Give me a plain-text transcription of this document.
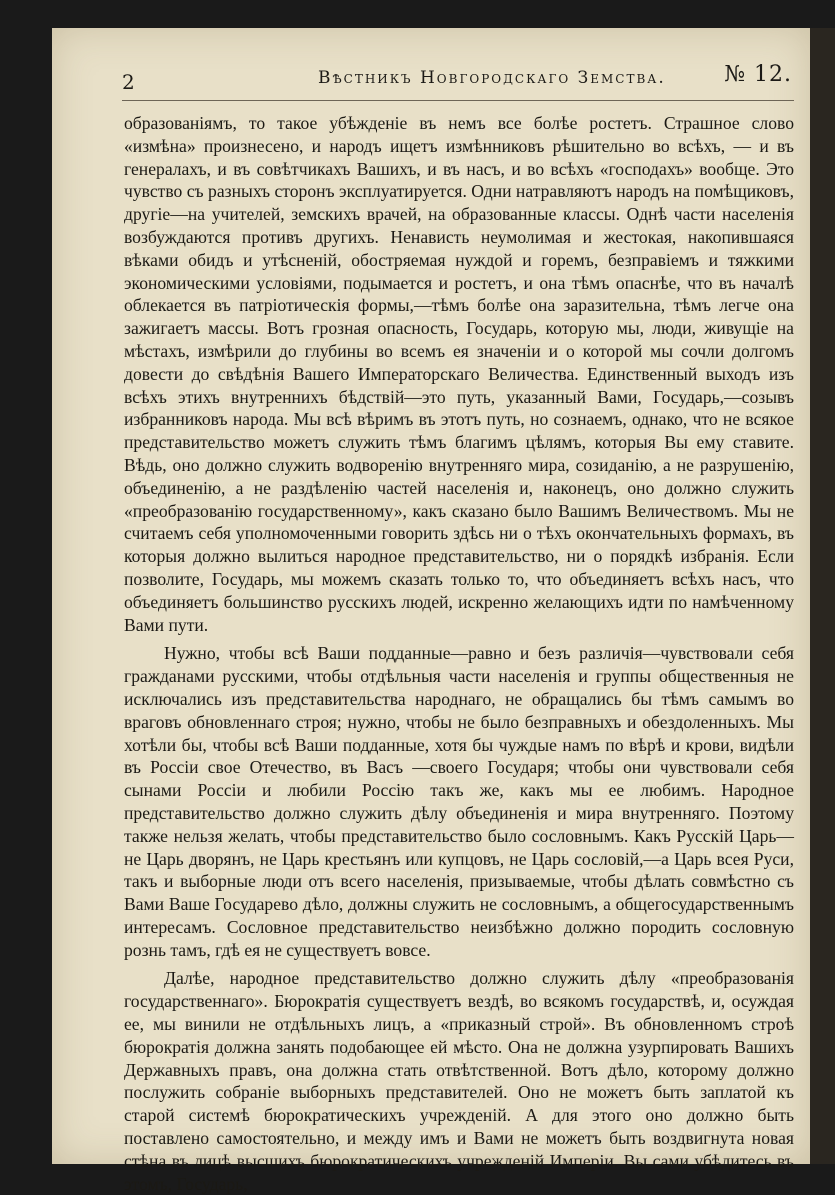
2	Вѣстникъ Новгородскаго Земства.	№ 12.

образованіямъ, то такое убѣжденіе въ немъ все болѣе ростетъ. Страшное слово «измѣна» произнесено, и народъ ищетъ измѣнниковъ рѣшительно во всѣхъ, — и въ генералахъ, и въ совѣтчикахъ Вашихъ, и въ насъ, и во всѣхъ «господахъ» вообще. Это чувство съ разныхъ сторонъ эксплуатируется. Одни натравляютъ народъ на помѣщиковъ, другіе—на учителей, земскихъ врачей, на образованные классы. Однѣ части населенія возбуждаются противъ другихъ. Ненависть неумолимая и жестокая, накопившаяся вѣками обидъ и утѣсненій, обостряемая нуждой и горемъ, безправіемъ и тяжкими экономическими условіями, подымается и ростетъ, и она тѣмъ опаснѣе, что въ началѣ облекается въ патріотическія формы,—тѣмъ болѣе она заразительна, тѣмъ легче она зажигаетъ массы. Вотъ грозная опасность, Государь, которую мы, люди, живущіе на мѣстахъ, измѣрили до глубины во всемъ ея значеніи и о которой мы сочли долгомъ довести до свѣдѣнія Вашего Императорскаго Величества. Единственный выходъ изъ всѣхъ этихъ внутреннихъ бѣдствій—это путь, указанный Вами, Государь,—созывъ избранниковъ народа. Мы всѣ вѣримъ въ этотъ путь, но сознаемъ, однако, что не всякое представительство можетъ служить тѣмъ благимъ цѣлямъ, которыя Вы ему ставите. Вѣдь, оно должно служить водворенію внутренняго мира, созиданію, а не разрушенію, объединенію, а не раздѣленію частей населенія и, наконецъ, оно должно служить «преобразованію государственному», какъ сказано было Вашимъ Величествомъ. Мы не считаемъ себя уполномоченными говорить здѣсь ни о тѣхъ окончательныхъ формахъ, въ которыя должно вылиться народное представительство, ни о порядкѣ избранія. Если позволите, Государь, мы можемъ сказать только то, что объединяетъ всѣхъ насъ, что объединяетъ большинство русскихъ людей, искренно желающихъ идти по намѣченному Вами пути.

Нужно, чтобы всѣ Ваши подданные—равно и безъ различія—чувствовали себя гражданами русскими, чтобы отдѣльныя части населенія и группы общественныя не исключались изъ представительства народнаго, не обращались бы тѣмъ самымъ во враговъ обновленнаго строя; нужно, чтобы не было безправныхъ и обездоленныхъ. Мы хотѣли бы, чтобы всѣ Ваши подданные, хотя бы чуждые намъ по вѣрѣ и крови, видѣли въ Россіи свое Отечество, въ Васъ —своего Государя; чтобы они чувствовали себя сынами Россіи и любили Россію такъ же, какъ мы ее любимъ. Народное представительство должно служить дѣлу объединенія и мира внутренняго. Поэтому также нельзя желать, чтобы представительство было сословнымъ. Какъ Русскій Царь—не Царь дворянъ, не Царь крестьянъ или купцовъ, не Царь сословій,—а Царь всея Руси, такъ и выборные люди отъ всего населенія, призываемые, чтобы дѣлать совмѣстно съ Вами Ваше Государево дѣло, должны служить не сословнымъ, а общегосударственнымъ интересамъ. Сословное представительство неизбѣжно должно породить сословную рознь тамъ, гдѣ ея не существуетъ вовсе.

Далѣе, народное представительство должно служить дѣлу «преобразованія государственнаго». Бюрократія существуетъ вездѣ, во всякомъ государствѣ, и, осуждая ее, мы винили не отдѣльныхъ лицъ, а «приказный строй». Въ обновленномъ строѣ бюрократія должна занять подобающее ей мѣсто. Она не должна узурпировать Вашихъ Державныхъ правъ, она должна стать отвѣтственной. Вотъ дѣло, которому должно послужить собраніе выборныхъ представителей. Оно не можетъ быть заплатой къ старой системѣ бюрократическихъ учрежденій. А для этого оно должно быть поставлено самостоятельно, и между имъ и Вами не можетъ быть воздвигнута новая стѣна въ лицѣ высшихъ бюрократическихъ учрежденій Имперіи. Вы сами убѣдитесь въ этомъ, Государь,
